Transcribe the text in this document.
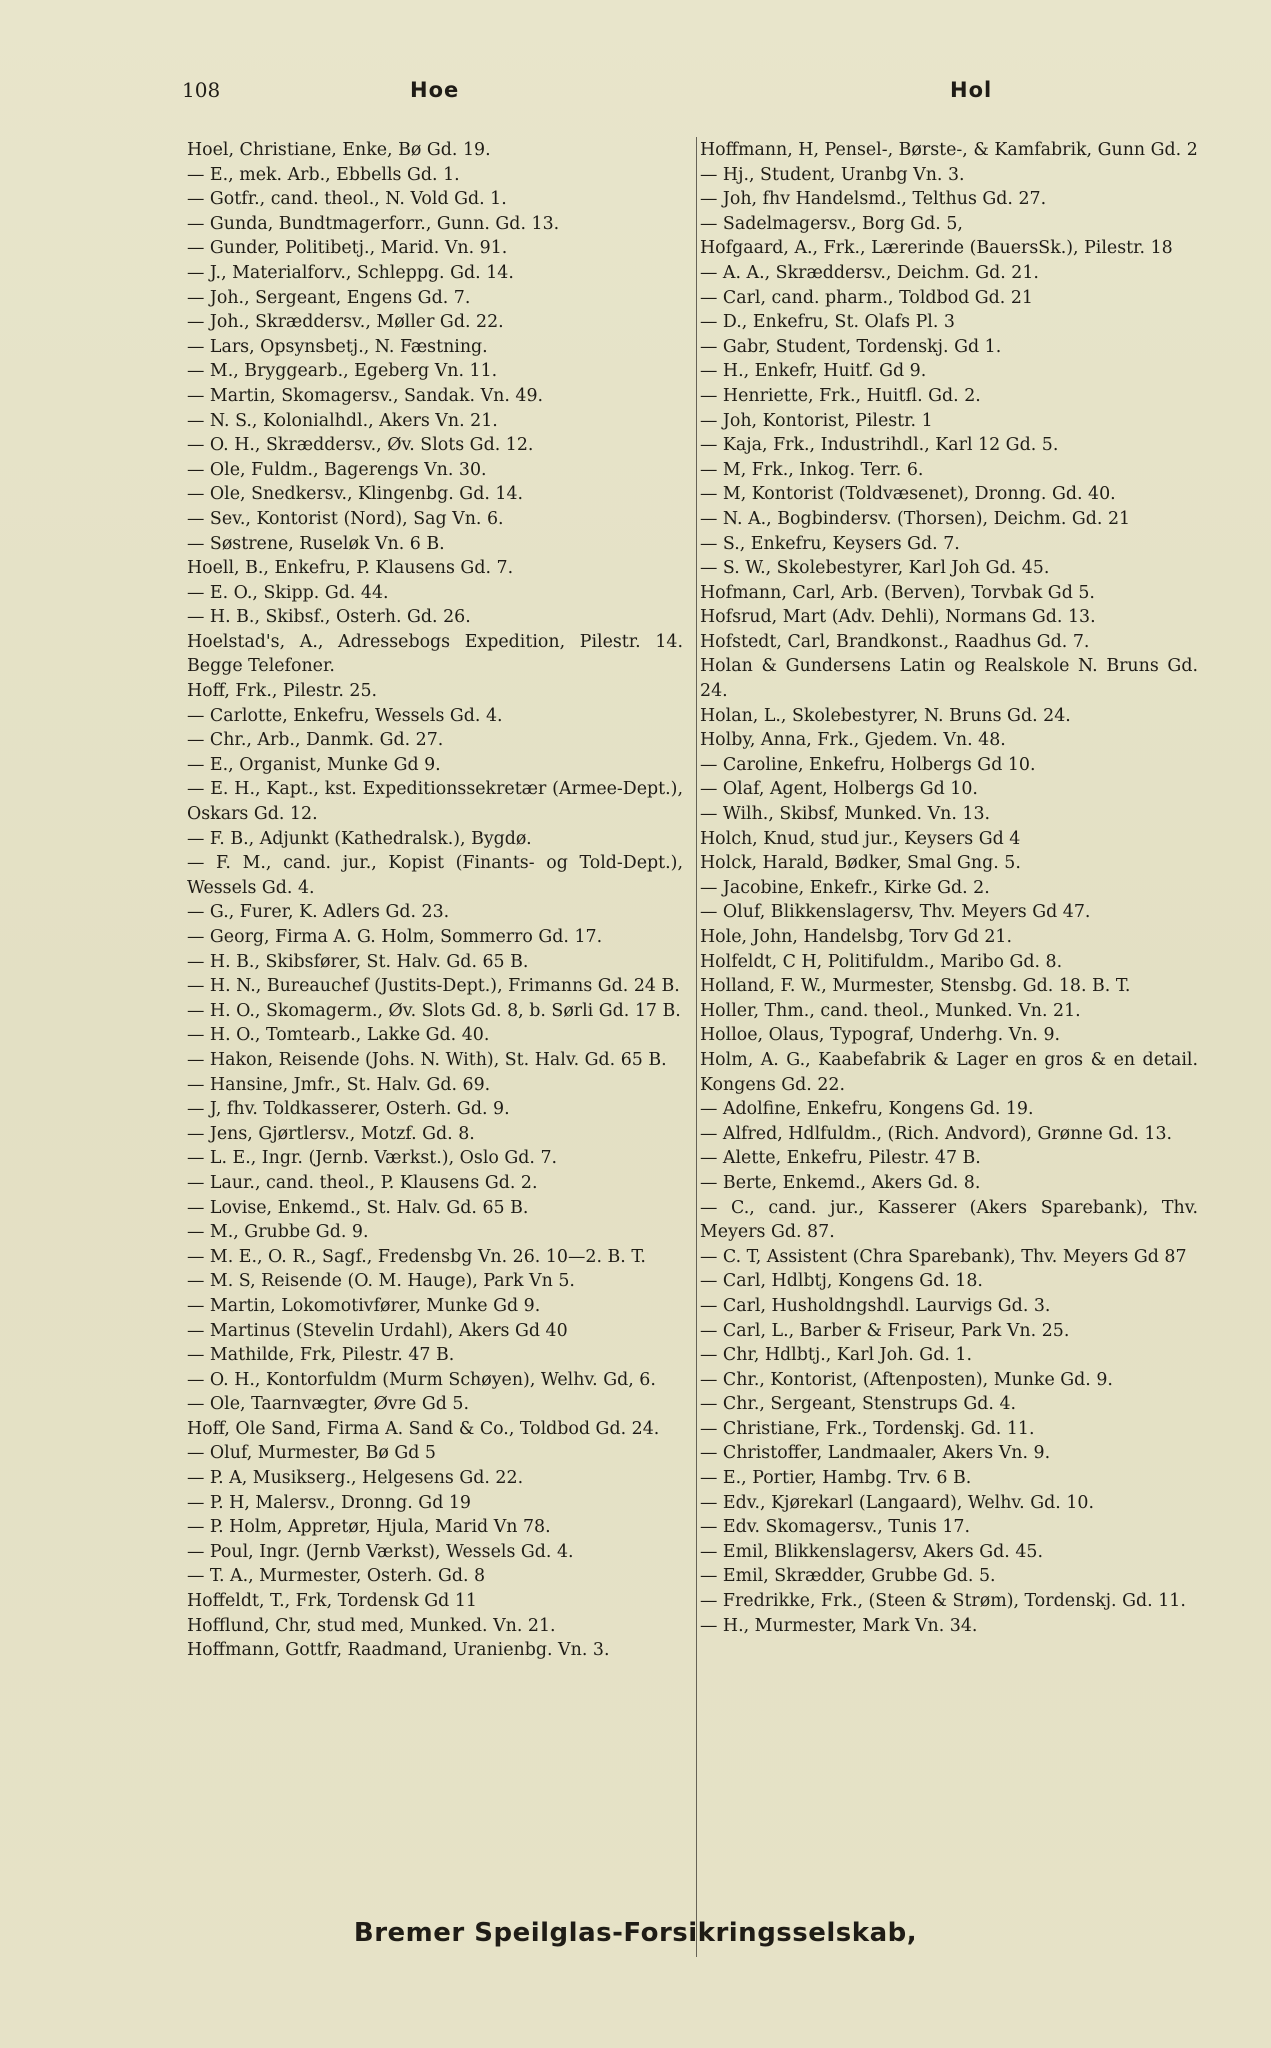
108	Hoe	Hol

Hoel, Christiane, Enke, Bø Gd. 19.

— E., mek. Arb., Ebbells Gd. 1.

— Gotfr., cand. theol., N. Vold Gd. 1.

— Gunda, Bundtmagerforr., Gunn. Gd. 13.

— Gunder, Politibetj., Marid. Vn. 91.

— J., Materialforv., Schleppg. Gd. 14.

— Joh., Sergeant, Engens Gd. 7.

— Joh., Skræddersv., Møller Gd. 22.

— Lars, Opsynsbetj., N. Fæstning.

— M., Bryggearb., Egeberg Vn. 11.

— Martin, Skomagersv., Sandak. Vn. 49.

— N. S., Kolonialhdl., Akers Vn. 21.

— O. H., Skræddersv., Øv. Slots Gd. 12.

— Ole, Fuldm., Bagerengs Vn. 30.

— Ole, Snedkersv., Klingenbg. Gd. 14.

— Sev., Kontorist (Nord), Sag Vn. 6.

— Søstrene, Ruseløk Vn. 6 B.

Hoell, B., Enkefru, P. Klausens Gd. 7.

— E. O., Skipp. Gd. 44.

— H. B., Skibsf., Osterh. Gd. 26.

Hoelstad's, A., Adressebogs Expedition, Pilestr. 14. Begge Telefoner.

Hoff, Frk., Pilestr. 25.

— Carlotte, Enkefru, Wessels Gd. 4.

— Chr., Arb., Danmk. Gd. 27.

— E., Organist, Munke Gd 9.

— E. H., Kapt., kst. Expeditionssekretær (Armee-Dept.), Oskars Gd. 12.

— F. B., Adjunkt (Kathedralsk.), Bygdø.

— F. M., cand. jur., Kopist (Finants- og Told-Dept.), Wessels Gd. 4.

— G., Furer, K. Adlers Gd. 23.

— Georg, Firma A. G. Holm, Sommerro Gd. 17.

— H. B., Skibsfører, St. Halv. Gd. 65 B.

— H. N., Bureauchef (Justits-Dept.), Frimanns Gd. 24 B.

— H. O., Skomagerm., Øv. Slots Gd. 8, b. Sørli Gd. 17 B.

— H. O., Tomtearb., Lakke Gd. 40.

— Hakon, Reisende (Johs. N. With), St. Halv. Gd. 65 B.

— Hansine, Jmfr., St. Halv. Gd. 69.

— J, fhv. Toldkasserer, Osterh. Gd. 9.

— Jens, Gjørtlersv., Motzf. Gd. 8.

— L. E., Ingr. (Jernb. Værkst.), Oslo Gd. 7.

— Laur., cand. theol., P. Klausens Gd. 2.

— Lovise, Enkemd., St. Halv. Gd. 65 B.

— M., Grubbe Gd. 9.

— M. E., O. R., Sagf., Fredensbg Vn. 26. 10—2. B. T.

— M. S, Reisende (O. M. Hauge), Park Vn 5.

— Martin, Lokomotivfører, Munke Gd 9.

— Martinus (Stevelin Urdahl), Akers Gd 40

— Mathilde, Frk, Pilestr. 47 B.

— O. H., Kontorfuldm (Murm Schøyen), Welhv. Gd, 6.

— Ole, Taarnvægter, Øvre Gd 5.

Hoff, Ole Sand, Firma A. Sand & Co., Toldbod Gd. 24.

— Oluf, Murmester, Bø Gd 5

— P. A, Musikserg., Helgesens Gd. 22.

— P. H, Malersv., Dronng. Gd 19

— P. Holm, Appretør, Hjula, Marid Vn 78.

— Poul, Ingr. (Jernb Værkst), Wessels Gd. 4.

— T. A., Murmester, Osterh. Gd. 8

Hoffeldt, T., Frk, Tordensk Gd 11

Hofflund, Chr, stud med, Munked. Vn. 21.

Hoffmann, Gottfr, Raadmand, Uranienbg. Vn. 3.

Hoffmann, H, Pensel-, Børste-, & Kamfabrik, Gunn Gd. 2

— Hj., Student, Uranbg Vn. 3.

— Joh, fhv Handelsmd., Telthus Gd. 27.

— Sadelmagersv., Borg Gd. 5,

Hofgaard, A., Frk., Lærerinde (BauersSk.), Pilestr. 18

— A. A., Skræddersv., Deichm. Gd. 21.

— Carl, cand. pharm., Toldbod Gd. 21

— D., Enkefru, St. Olafs Pl. 3

— Gabr, Student, Tordenskj. Gd 1.

— H., Enkefr, Huitf. Gd 9.

— Henriette, Frk., Huitfl. Gd. 2.

— Joh, Kontorist, Pilestr. 1

— Kaja, Frk., Industrihdl., Karl 12 Gd. 5.

— M, Frk., Inkog. Terr. 6.

— M, Kontorist (Toldvæsenet), Dronng. Gd. 40.

— N. A., Bogbindersv. (Thorsen), Deichm. Gd. 21

— S., Enkefru, Keysers Gd. 7.

— S. W., Skolebestyrer, Karl Joh Gd. 45.

Hofmann, Carl, Arb. (Berven), Torvbak Gd 5.

Hofsrud, Mart (Adv. Dehli), Normans Gd. 13.

Hofstedt, Carl, Brandkonst., Raadhus Gd. 7.

Holan & Gundersens Latin og Realskole N. Bruns Gd. 24.

Holan, L., Skolebestyrer, N. Bruns Gd. 24.

Holby, Anna, Frk., Gjedem. Vn. 48.

— Caroline, Enkefru, Holbergs Gd 10.

— Olaf, Agent, Holbergs Gd 10.

— Wilh., Skibsf, Munked. Vn. 13.

Holch, Knud, stud jur., Keysers Gd 4

Holck, Harald, Bødker, Smal Gng. 5.

— Jacobine, Enkefr., Kirke Gd. 2.

— Oluf, Blikkenslagersv, Thv. Meyers Gd 47.

Hole, John, Handelsbg, Torv Gd 21.

Holfeldt, C H, Politifuldm., Maribo Gd. 8.

Holland, F. W., Murmester, Stensbg. Gd. 18. B. T.

Holler, Thm., cand. theol., Munked. Vn. 21.

Holloe, Olaus, Typograf, Underhg. Vn. 9.

Holm, A. G., Kaabefabrik & Lager en gros & en detail. Kongens Gd. 22.

— Adolfine, Enkefru, Kongens Gd. 19.

— Alfred, Hdlfuldm., (Rich. Andvord), Grønne Gd. 13.

— Alette, Enkefru, Pilestr. 47 B.

— Berte, Enkemd., Akers Gd. 8.

— C., cand. jur., Kasserer (Akers Sparebank), Thv. Meyers Gd. 87.

— C. T, Assistent (Chra Sparebank), Thv. Meyers Gd 87

— Carl, Hdlbtj, Kongens Gd. 18.

— Carl, Husholdngshdl. Laurvigs Gd. 3.

— Carl, L., Barber & Friseur, Park Vn. 25.

— Chr, Hdlbtj., Karl Joh. Gd. 1.

— Chr., Kontorist, (Aftenposten), Munke Gd. 9.

— Chr., Sergeant, Stenstrups Gd. 4.

— Christiane, Frk., Tordenskj. Gd. 11.

— Christoffer, Landmaaler, Akers Vn. 9.

— E., Portier, Hambg. Trv. 6 B.

— Edv., Kjørekarl (Langaard), Welhv. Gd. 10.

— Edv. Skomagersv., Tunis 17.

— Emil, Blikkenslagersv, Akers Gd. 45.

— Emil, Skrædder, Grubbe Gd. 5.

— Fredrikke, Frk., (Steen & Strøm), Tordenskj. Gd. 11.

— H., Murmester, Mark Vn. 34.

Bremer Speilglas-Forsikringsselskab,
